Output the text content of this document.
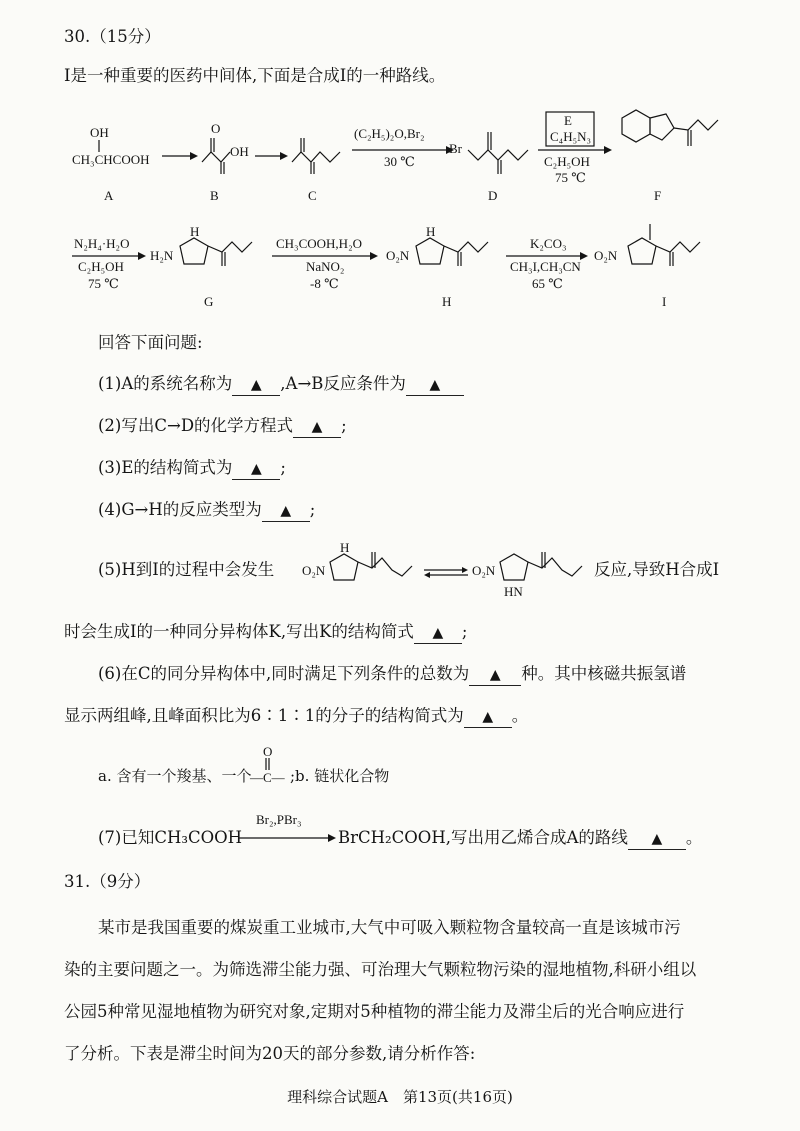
30.（15分）
I是一种重要的医药中间体,下面是合成I的一种路线。
OH
CH₃CHCOOH
A
O
OH
B	C
(C₂H₅)₂O,Br₂
30 ℃
Br
D
E
C₄H₅N₃
C₂H₅OH
75 ℃
F
N₂H₄·H₂O
C₂H₅OH
75 ℃
H₂N
H
G
CH₃COOH,H₂O
NaNO₂
-8 ℃
O₂N
H
H
K₂CO₃
CH₃I,CH₃CN
65 ℃
O₂N
I
回答下面问题:
(1)A的系统名称为 ▲ ,A→B反应条件为 ▲
(2)写出C→D的化学方程式 ▲ ;
(3)E的结构简式为 ▲ ;
(4)G→H的反应类型为 ▲ ;
(5)H到I的过程中会发生 O₂N
H
O₂N
HN
反应,导致H合成I
时会生成I的一种同分异构体K,写出K的结构简式 ▲ ;
(6)在C的同分异构体中,同时满足下列条件的总数为 ▲ 种。其中核磁共振氢谱
显示两组峰,且峰面积比为6∶1∶1的分子的结构简式为 ▲ 。
a. 含有一个羧基、一个
O
—C— ;b. 链状化合物
(7)已知CH₃COOH
Br₂,PBr₃
BrCH₂COOH,写出用乙烯合成A的路线 ▲ 。
31.（9分）
某市是我国重要的煤炭重工业城市,大气中可吸入颗粒物含量较高一直是该城市污
染的主要问题之一。为筛选滞尘能力强、可治理大气颗粒物污染的湿地植物,科研小组以
公园5种常见湿地植物为研究对象,定期对5种植物的滞尘能力及滞尘后的光合响应进行
了分析。下表是滞尘时间为20天的部分参数,请分析作答:
理科综合试题A　第13页(共16页)
